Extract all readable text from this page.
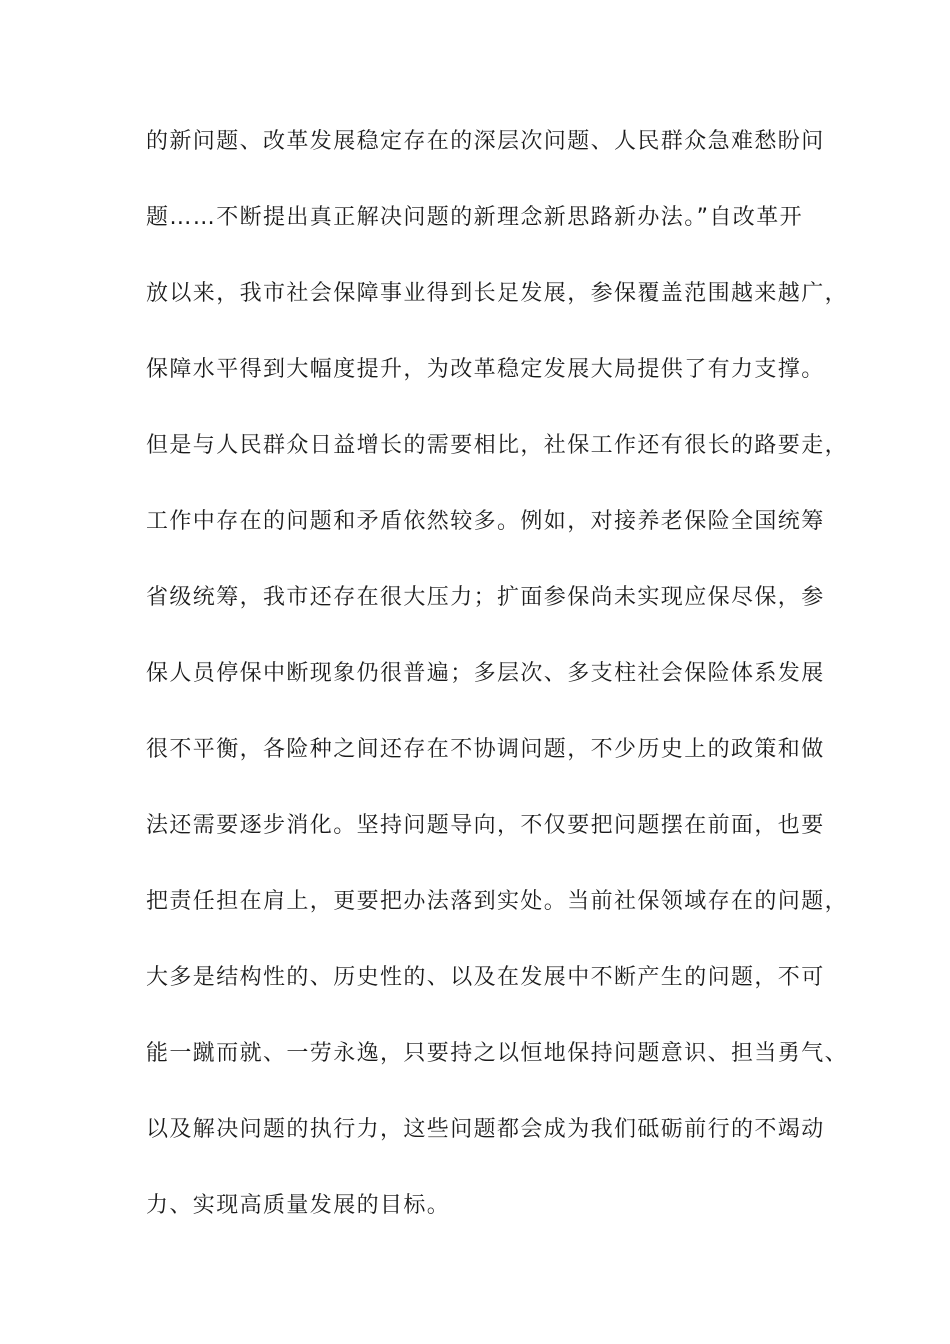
的新问题、改革发展稳定存在的深层次问题、人民群众急难愁盼问
题……不断提出真正解决问题的新理念新思路新办法。”自改革开
放以来，我市社会保障事业得到长足发展，参保覆盖范围越来越广，
保障水平得到大幅度提升，为改革稳定发展大局提供了有力支撑。
但是与人民群众日益增长的需要相比，社保工作还有很长的路要走，
工作中存在的问题和矛盾依然较多。例如，对接养老保险全国统筹
省级统筹，我市还存在很大压力；扩面参保尚未实现应保尽保，参
保人员停保中断现象仍很普遍；多层次、多支柱社会保险体系发展
很不平衡，各险种之间还存在不协调问题，不少历史上的政策和做
法还需要逐步消化。坚持问题导向，不仅要把问题摆在前面，也要
把责任担在肩上，更要把办法落到实处。当前社保领域存在的问题，
大多是结构性的、历史性的、以及在发展中不断产生的问题，不可
能一蹴而就、一劳永逸，只要持之以恒地保持问题意识、担当勇气、
以及解决问题的执行力，这些问题都会成为我们砥砺前行的不竭动
力、实现高质量发展的目标。
